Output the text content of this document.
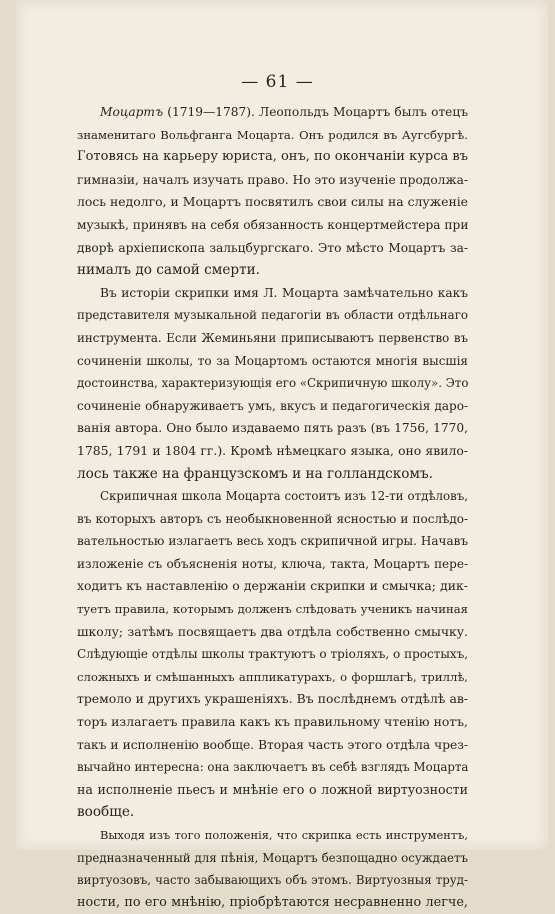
— 61 —

Моцартъ (1719—1787). Леопольдъ Моцартъ былъ отецъ

знаменитаго Вольфганга Моцарта. Онъ родился въ Аугсбургѣ.

Готовясь на карьеру юриста, онъ, по окончаніи курса въ

гимназіи, началъ изучать право. Но это изученіе продолжа-

лось недолго, и Моцартъ посвятилъ свои силы на служеніе

музыкѣ, принявъ на себя обязанность концертмейстера при

дворѣ архіепископа зальцбургскаго. Это мѣсто Моцартъ за-

нималъ до самой смерти.

Въ исторіи скрипки имя Л. Моцарта замѣчательно какъ

представителя музыкальной педагогіи въ области отдѣльнаго

инструмента. Если Жеминьяни приписываютъ первенство въ

сочиненіи школы, то за Моцартомъ остаются многія высшія

достоинства, характеризующія его «Скрипичную школу». Это

сочиненіе обнаруживаетъ умъ, вкусъ и педагогическія даро-

ванія автора. Оно было издаваемо пять разъ (въ 1756, 1770,

1785, 1791 и 1804 гг.). Кромѣ нѣмецкаго языка, оно явило-

лось также на французскомъ и на голландскомъ.

Скрипичная школа Моцарта состоитъ изъ 12-ти отдѣловъ,

въ которыхъ авторъ съ необыкновенной ясностью и послѣдо-

вательностью излагаетъ весь ходъ скрипичной игры. Начавъ

изложеніе съ объясненія ноты, ключа, такта, Моцартъ пере-

ходитъ къ наставленію о держаніи скрипки и смычка; дик-

туетъ правила, которымъ долженъ слѣдовать ученикъ начиная

школу; затѣмъ посвящаетъ два отдѣла собственно смычку.

Слѣдующіе отдѣлы школы трактуютъ о тріоляхъ, о простыхъ,

сложныхъ и смѣшанныхъ аппликатурахъ, о форшлагѣ, триллѣ,

тремоло и другихъ украшеніяхъ. Въ послѣднемъ отдѣлѣ ав-

торъ излагаетъ правила какъ къ правильному чтенію нотъ,

такъ и исполненію вообще. Вторая часть этого отдѣла чрез-

вычайно интересна: она заключаетъ въ себѣ взглядъ Моцарта

на исполненіе пьесъ и мнѣніе его о ложной виртуозности

вообще.

Выходя изъ того положенія, что скрипка есть инструментъ,

предназначенный для пѣнія, Моцартъ безпощадно осуждаетъ

виртуозовъ, часто забывающихъ объ этомъ. Виртуозныя труд-

ности, по его мнѣнію, пріобрѣтаются несравненно легче,
